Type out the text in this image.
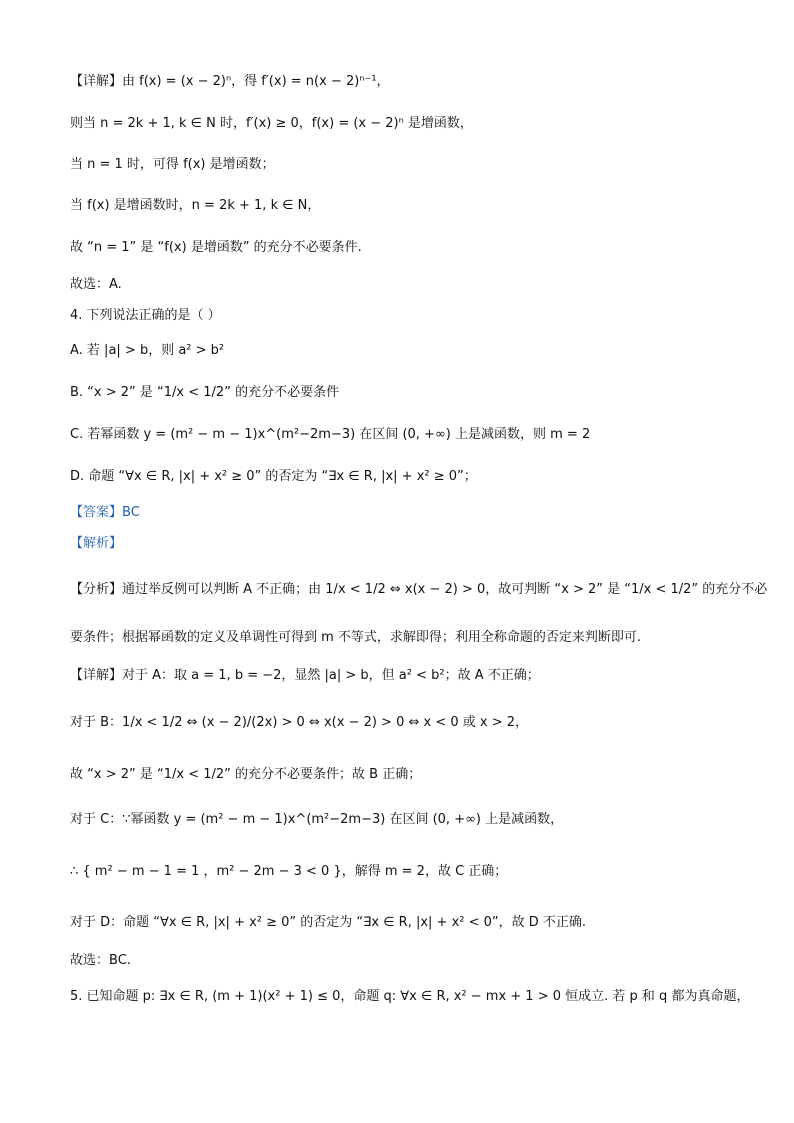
【详解】由 f(x) = (x − 2)ⁿ，得 f′(x) = n(x − 2)ⁿ⁻¹，
则当 n = 2k + 1, k ∈ N 时，f′(x) ≥ 0，f(x) = (x − 2)ⁿ 是增函数，
当 n = 1 时，可得 f(x) 是增函数；
当 f(x) 是增函数时，n = 2k + 1, k ∈ N，
故 “n = 1” 是 “f(x) 是增函数” 的充分不必要条件.
故选：A.
4. 下列说法正确的是（ ）
A. 若 |a| > b，则 a² > b²
B. “x > 2” 是 “1/x < 1/2” 的充分不必要条件
C. 若幂函数 y = (m² − m − 1)x^(m²−2m−3) 在区间 (0, +∞) 上是减函数，则 m = 2
D. 命题 “∀x ∈ R, |x| + x² ≥ 0” 的否定为 “∃x ∈ R, |x| + x² ≥ 0”；
【答案】BC
【解析】
【分析】通过举反例可以判断 A 不正确；由 1/x < 1/2 ⇔ x(x − 2) > 0，故可判断 “x > 2” 是 “1/x < 1/2” 的充分不必
要条件；根据幂函数的定义及单调性可得到 m 不等式，求解即得；利用全称命题的否定来判断即可.
【详解】对于 A：取 a = 1, b = −2，显然 |a| > b，但 a² < b²；故 A 不正确；
对于 B：1/x < 1/2 ⇔ (x − 2)/(2x) > 0 ⇔ x(x − 2) > 0 ⇔ x < 0 或 x > 2，
故 “x > 2” 是 “1/x < 1/2” 的充分不必要条件；故 B 正确；
对于 C：∵幂函数 y = (m² − m − 1)x^(m²−2m−3) 在区间 (0, +∞) 上是减函数，
∴ { m² − m − 1 = 1 ，m² − 2m − 3 < 0 }，解得 m = 2，故 C 正确；
对于 D：命题 “∀x ∈ R, |x| + x² ≥ 0” 的否定为 “∃x ∈ R, |x| + x² < 0”，故 D 不正确.
故选：BC.
5. 已知命题 p: ∃x ∈ R, (m + 1)(x² + 1) ≤ 0，命题 q: ∀x ∈ R, x² − mx + 1 > 0 恒成立. 若 p 和 q 都为真命题，
